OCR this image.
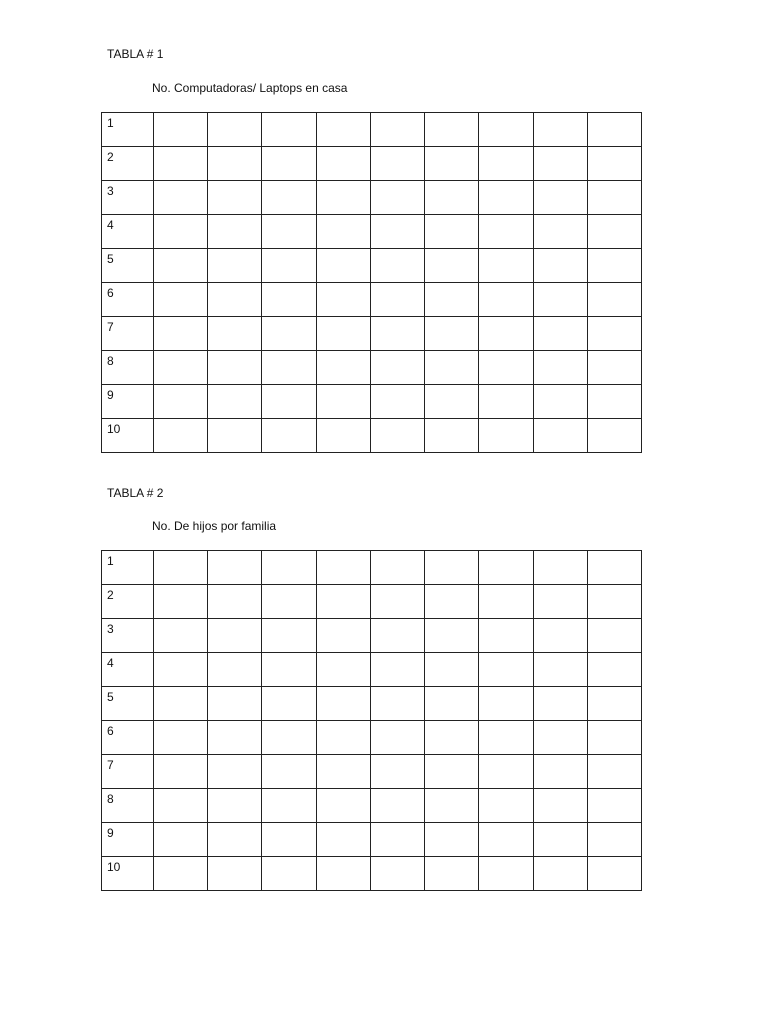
TABLA # 1
No. Computadoras/ Laptops en casa
1									
2									
3									
4									
5									
6									
7									
8									
9									
10									
TABLA # 2
No. De hijos por familia
1									
2									
3									
4									
5									
6									
7									
8									
9									
10									
